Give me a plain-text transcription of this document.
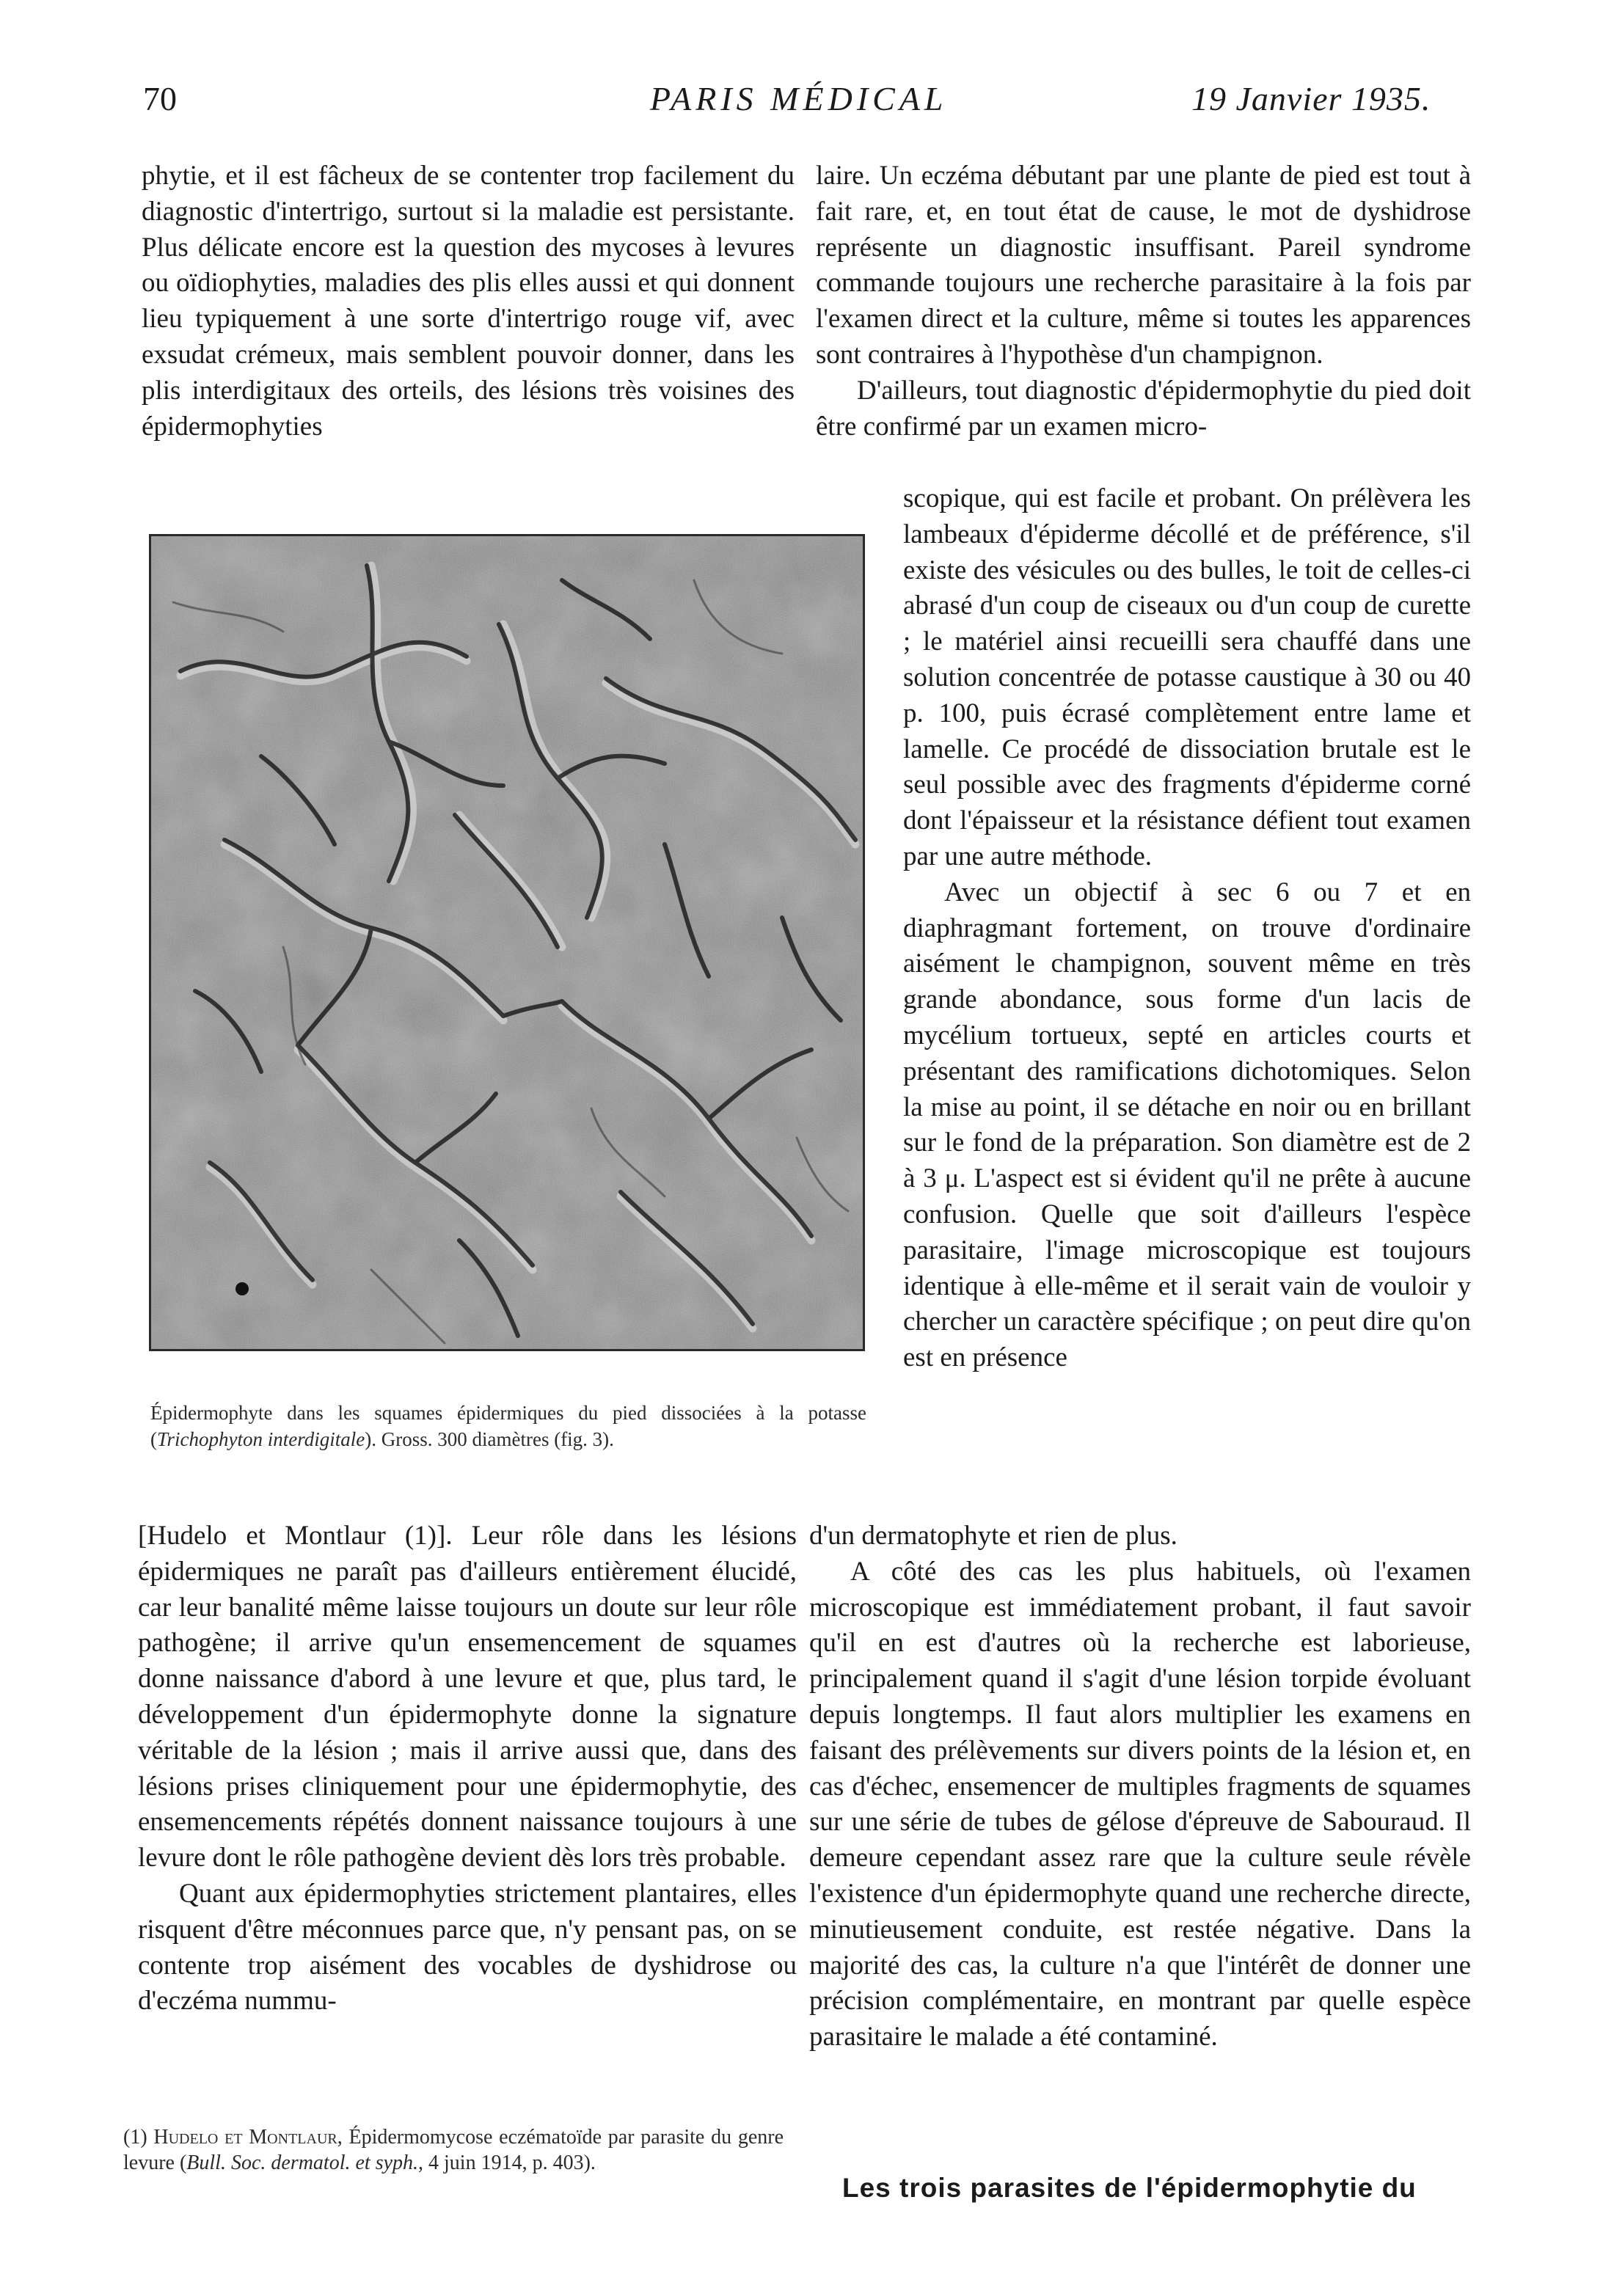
70	PARIS MÉDICAL	19 Janvier 1935.

phytie, et il est fâcheux de se contenter trop facilement du diagnostic d'intertrigo, surtout si la maladie est persistante. Plus délicate encore est la question des mycoses à levures ou oïdiophyties, maladies des plis elles aussi et qui donnent lieu typiquement à une sorte d'intertrigo rouge vif, avec exsudat crémeux, mais semblent pouvoir donner, dans les plis interdigitaux des orteils, des lésions très voisines des épidermophyties

Épidermophyte dans les squames épidermiques du pied dissociées à la potasse (Trichophyton interdigitale). Gross. 300 diamètres (fig. 3).

[Hudelo et Montlaur (1)]. Leur rôle dans les lésions épidermiques ne paraît pas d'ailleurs entièrement élucidé, car leur banalité même laisse toujours un doute sur leur rôle pathogène; il arrive qu'un ensemencement de squames donne naissance d'abord à une levure et que, plus tard, le développement d'un épidermophyte donne la signature véritable de la lésion ; mais il arrive aussi que, dans des lésions prises cliniquement pour une épidermophytie, des ensemencements répétés donnent naissance toujours à une levure dont le rôle pathogène devient dès lors très probable.

Quant aux épidermophyties strictement plantaires, elles risquent d'être méconnues parce que, n'y pensant pas, on se contente trop aisément des vocables de dyshidrose ou d'eczéma nummu-

laire. Un eczéma débutant par une plante de pied est tout à fait rare, et, en tout état de cause, le mot de dyshidrose représente un diagnostic insuffisant. Pareil syndrome commande toujours une recherche parasitaire à la fois par l'examen direct et la culture, même si toutes les apparences sont contraires à l'hypothèse d'un champignon.

D'ailleurs, tout diagnostic d'épidermophytie du pied doit être confirmé par un examen micro-

scopique, qui est facile et probant. On prélèvera les lambeaux d'épiderme décollé et de préférence, s'il existe des vésicules ou des bulles, le toit de celles-ci abrasé d'un coup de ciseaux ou d'un coup de curette ; le matériel ainsi recueilli sera chauffé dans une solution concentrée de potasse caustique à 30 ou 40 p. 100, puis écrasé complètement entre lame et lamelle. Ce procédé de dissociation brutale est le seul possible avec des fragments d'épiderme corné dont l'épaisseur et la résistance défient tout examen par une autre méthode.

Avec un objectif à sec 6 ou 7 et en diaphragmant fortement, on trouve d'ordinaire aisément le champignon, souvent même en très grande abondance, sous forme d'un lacis de mycélium tortueux, septé en articles courts et présentant des ramifications dichotomiques. Selon la mise au point, il se détache en noir ou en brillant sur le fond de la préparation. Son diamètre est de 2 à 3 μ. L'aspect est si évident qu'il ne prête à aucune confusion. Quelle que soit d'ailleurs l'espèce parasitaire, l'image microscopique est toujours identique à elle-même et il serait vain de vouloir y chercher un caractère spécifique ; on peut dire qu'on est en présence

d'un dermatophyte et rien de plus.

A côté des cas les plus habituels, où l'examen microscopique est immédiatement probant, il faut savoir qu'il en est d'autres où la recherche est laborieuse, principalement quand il s'agit d'une lésion torpide évoluant depuis longtemps. Il faut alors multiplier les examens en faisant des prélèvements sur divers points de la lésion et, en cas d'échec, ensemencer de multiples fragments de squames sur une série de tubes de gélose d'épreuve de Sabouraud. Il demeure cependant assez rare que la culture seule révèle l'existence d'un épidermophyte quand une recherche directe, minutieusement conduite, est restée négative. Dans la majorité des cas, la culture n'a que l'intérêt de donner une précision complémentaire, en montrant par quelle espèce parasitaire le malade a été contaminé.

(1) Hudelo et Montlaur, Épidermomycose eczématoïde par parasite du genre levure (Bull. Soc. dermatol. et syph., 4 juin 1914, p. 403).
Les trois parasites de l'épidermophytie du
